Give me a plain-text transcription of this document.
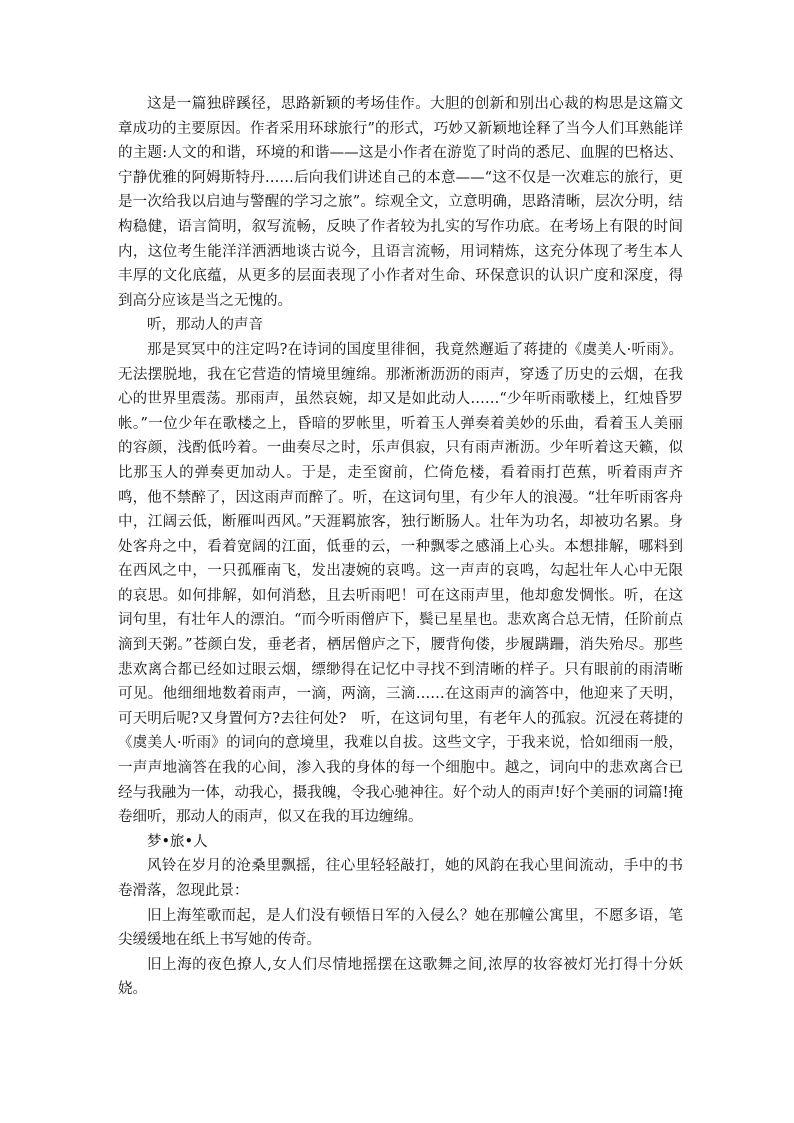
这是一篇独辟蹊径，思路新颖的考场佳作。大胆的创新和别出心裁的构思是这篇文章成功的主要原因。作者采用环球旅行”的形式，巧妙又新颖地诠释了当今人们耳熟能详的主题:人文的和谐，环境的和谐——这是小作者在游览了时尚的悉尼、血腥的巴格达、宁静优雅的阿姆斯特丹……后向我们讲述自己的本意——“这不仅是一次难忘的旅行，更是一次给我以启迪与警醒的学习之旅”。综观全文，立意明确，思路清晰，层次分明，结构稳健，语言简明，叙写流畅，反映了作者较为扎实的写作功底。在考场上有限的时间内，这位考生能洋洋洒洒地谈古说今，且语言流畅，用词精炼，这充分体现了考生本人丰厚的文化底蕴，从更多的层面表现了小作者对生命、环保意识的认识广度和深度，得到高分应该是当之无愧的。

听，那动人的声音

那是冥冥中的注定吗?在诗词的国度里徘徊，我竟然邂逅了蒋捷的《虞美人·听雨》。无法摆脱地，我在它营造的情境里缠绵。那淅淅沥沥的雨声，穿透了历史的云烟，在我心的世界里震荡。那雨声，虽然哀婉，却又是如此动人……“少年听雨歌楼上，红烛昏罗帐。”一位少年在歌楼之上，昏暗的罗帐里，听着玉人弹奏着美妙的乐曲，看着玉人美丽的容颜，浅酌低吟着。一曲奏尽之时，乐声俱寂，只有雨声淅沥。少年听着这天籁，似比那玉人的弹奏更加动人。于是，走至窗前，伫倚危楼，看着雨打芭蕉，听着雨声齐鸣，他不禁醉了，因这雨声而醉了。听，在这词句里，有少年人的浪漫。“壮年听雨客舟中，江阔云低，断雁叫西风。”天涯羁旅客，独行断肠人。壮年为功名，却被功名累。身处客舟之中，看着宽阔的江面，低垂的云，一种飘零之感涌上心头。本想排解，哪料到在西风之中，一只孤雁南飞，发出凄婉的哀鸣。这一声声的哀鸣，勾起壮年人心中无限的哀思。如何排解，如何消愁，且去听雨吧！可在这雨声里，他却愈发惆怅。听，在这词句里，有壮年人的漂泊。“而今听雨僧庐下，鬓已星星也。悲欢离合总无情，任阶前点滴到天粥。”苍颜白发，垂老者，栖居僧庐之下，腰背佝偻，步履蹒跚，消失殆尽。那些悲欢离合都已经如过眼云烟，缥缈得在记忆中寻找不到清晰的样子。只有眼前的雨清晰可见。他细细地数着雨声，一滴，两滴，三滴……在这雨声的滴答中，他迎来了天明，可天明后呢?又身置何方?去往何处?　听，在这词句里，有老年人的孤寂。沉浸在蒋捷的《虞美人·听雨》的词向的意境里，我难以自拔。这些文字，于我来说，恰如细雨一般，一声声地滴答在我的心间，渗入我的身体的每一个细胞中。越之，词向中的悲欢离合已经与我融为一体，动我心，摄我魄，令我心驰神往。好个动人的雨声!好个美丽的词篇!掩卷细听，那动人的雨声，似又在我的耳边缠绵。

梦•旅•人

风铃在岁月的沧桑里飘摇，往心里轻轻敲打，她的风韵在我心里间流动，手中的书卷滑落，忽现此景：

旧上海笙歌而起，是人们没有顿悟日军的入侵么？她在那幢公寓里，不愿多语，笔尖缓缓地在纸上书写她的传奇。

旧上海的夜色撩人,女人们尽情地摇摆在这歌舞之间,浓厚的妆容被灯光打得十分妖娆。
